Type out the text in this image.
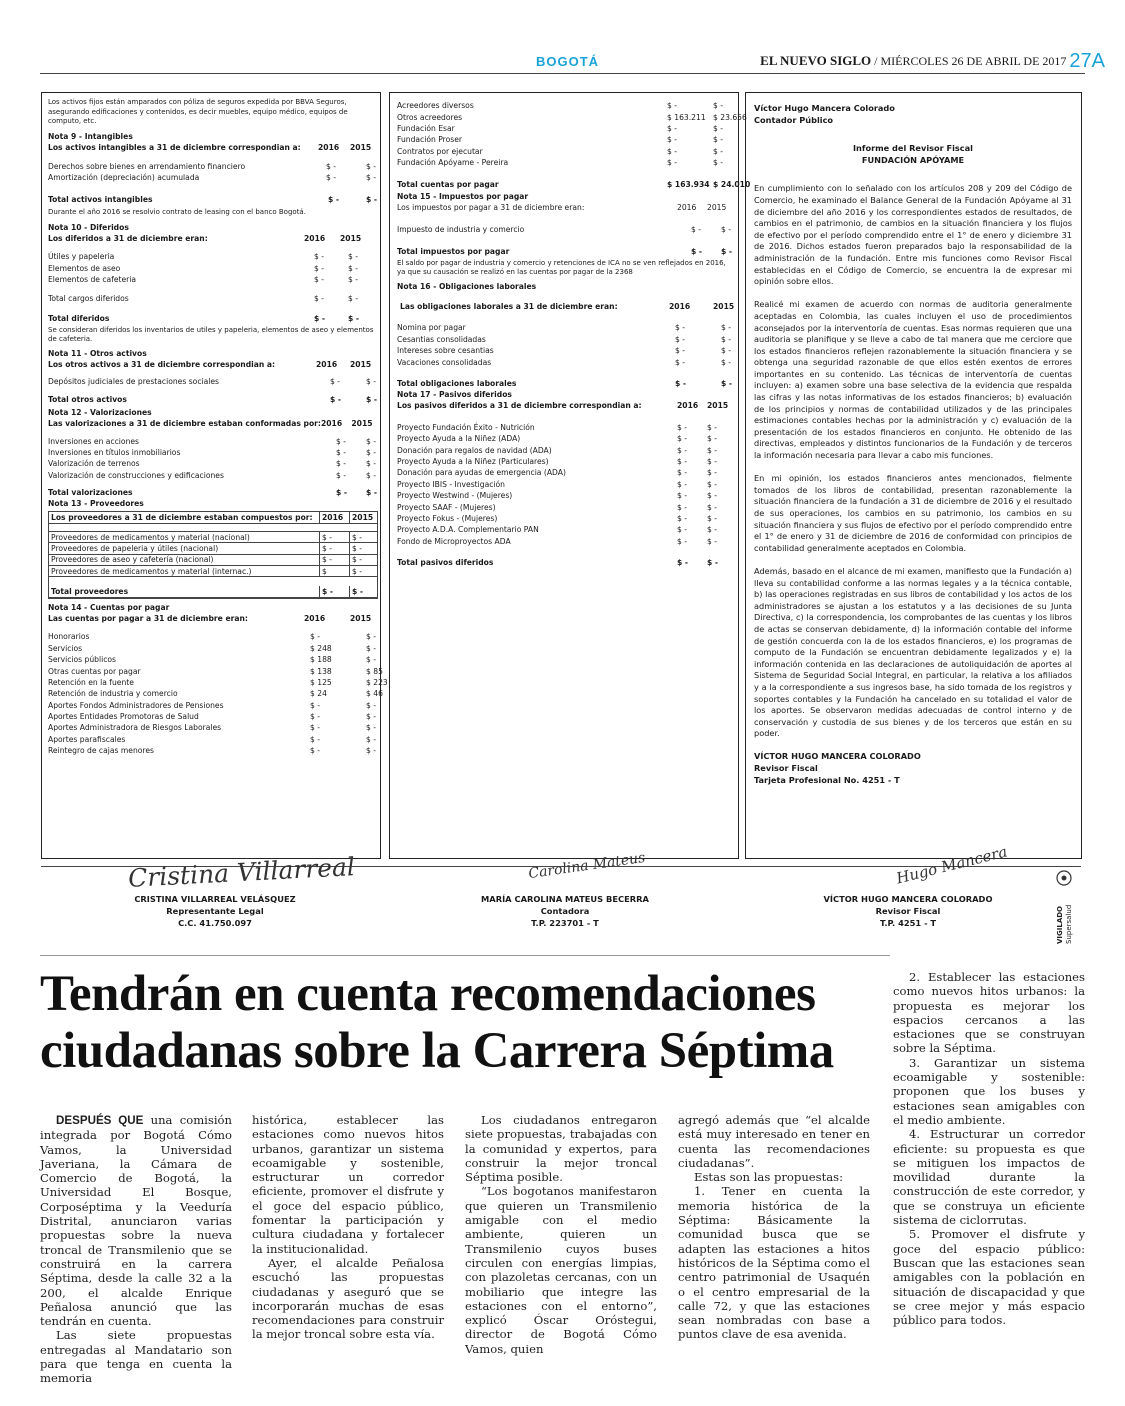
BOGOTÁ	EL NUEVO SIGLO / MIÉRCOLES 26 DE ABRIL DE 2017 27A
Los activos fijos están amparados con póliza de seguros expedida por BBVA Seguros, asegurando edificaciones y contenidos, es decir muebles, equipo médico, equipos de computo, etc.
Nota 9 - Intangibles
Los activos intangibles a 31 de diciembre correspondian a:	2016	2015
Derechos sobre bienes en arrendamiento financiero	$ -	$ -
Amortización (depreciación) acumulada	$ -	$ -
Total activos intangibles	$ -	$ -
Durante el año 2016 se resolvio contrato de leasing con el banco Bogotá.
Nota 10 - Diferidos
Los diferidos a 31 de diciembre eran:	2016	2015
Útiles y papeleria	$ -	$ -
Elementos de aseo	$ -	$ -
Elementos de cafeteria	$ -	$ -
Total cargos diferidos	$ -	$ -
Total diferidos	$ -	$ -
Se consideran diferidos los inventarios de utiles y papeleria, elementos de aseo y elementos de cafeteria.
Nota 11 - Otros activos
Los otros activos a 31 de diciembre correspondian a:	2016	2015
Depósitos judiciales de prestaciones sociales	$ -	$ -
Total otros activos	$ -	$ -
Nota 12 - Valorizaciones
Las valorizaciones a 31 de diciembre estaban conformadas por: 2016	2015
Inversiones en acciones	$ -	$ -
Inversiones en títulos inmobiliarios	$ -	$ -
Valorización de terrenos	$ -	$ -
Valorización de construcciones y edificaciones	$ -	$ -
Total valorizaciones	$ -	$ -
Nota 13 - Proveedores
Los proveedores a 31 de diciembre estaban compuestos por:	2016	2015
Proveedores de medicamentos y material (nacional)	$ -	$ -
Proveedores de papeleria y útiles (nacional)	$ -	$ -
Proveedores de aseo y cafetería (nacional)	$ -	$ -
Proveedores de medicamentos y material (internac.)	$	$ -
Total proveedores	$ -	$ -
Nota 14 - Cuentas por pagar
Las cuentas por pagar a 31 de diciembre eran:	2016	2015
Honorarios	$ -	$ -
Servicios	$ 248	$ -
Servicios públicos	$ 188	$ -
Otras cuentas por pagar	$ 138	$ 85
Retención en la fuente	$ 125	$ 223
Retención de industria y comercio	$ 24	$ 46
Aportes Fondos Administradores de Pensiones	$ -	$ -
Aportes Entidades Promotoras de Salud	$ -	$ -
Aportes Administradora de Riesgos Laborales	$ -	$ -
Aportes parafiscales	$ -	$ -
Reintegro de cajas menores	$ -	$ -
Acreedores diversos	$ -	$ -
Otros acreedores	$ 163.211 $ 23.656
Fundación Esar	$ -	$ -
Fundación Proser	$ -	$ -
Contratos por ejecutar	$ -	$ -
Fundación Apóyame - Pereira	$ -	$ -
Total cuentas por pagar	$ 163.934 $ 24.010
Nota 15 - Impuestos por pagar
Los impuestos por pagar a 31 de diciembre eran:	2016	2015
Impuesto de industria y comercio	$ -	$ -
Total impuestos por pagar	$ -	$ -
El saldo por pagar de industria y comercio y retenciones de ICA no se ven reflejados en 2016, ya que su causación se realizó en las cuentas por pagar de la 2368
Nota 16 - Obligaciones laborales
Las obligaciones laborales a 31 de diciembre eran:	2016	2015
Nomina por pagar	$ -	$ -
Cesantias consolidadas	$ -	$ -
Intereses sobre cesantias	$ -	$ -
Vacaciones consolidadas	$ -	$ -
Total obligaciones laborales	$ -	$ -
Nota 17 - Pasivos diferidos
Los pasivos diferidos a 31 de diciembre correspondian a:	2016	2015
Proyecto Fundación Éxito - Nutrición	$ -	$ -
Proyecto Ayuda a la Niñez (ADA)	$ -	$ -
Donación para regalos de navidad (ADA)	$ -	$ -
Proyecto Ayuda a la Niñez (Particulares)	$ -	$ -
Donación para ayudas de emergencia (ADA)	$ -	$ -
Proyecto IBIS - Investigación	$ -	$ -
Proyecto Westwind - (Mujeres)	$ -	$ -
Proyecto SAAF - (Mujeres)	$ -	$ -
Proyecto Fokus - (Mujeres)	$ -	$ -
Proyecto A.D.A. Complementario PAN	$ -	$ -
Fondo de Microproyectos ADA	$ -	$ -
Total pasivos diferidos	$ -	$ -
Víctor Hugo Mancera Colorado
Contador Público
Informe del Revisor Fiscal
FUNDACIÓN APÓYAME

En cumplimiento con lo señalado con los artículos 208 y 209 del Código de Comercio, he examinado el Balance General de la Fundación Apóyame al 31 de diciembre del año 2016 y los correspondientes estados de resultados, de cambios en el patrimonio, de cambios en la situación financiera y los flujos de efectivo por el período comprendido entre el 1° de enero y diciembre 31 de 2016. Dichos estados fueron preparados bajo la responsabilidad de la administración de la fundación. Entre mis funciones como Revisor Fiscal establecidas en el Código de Comercio, se encuentra la de expresar mi opinión sobre ellos.

Realicé mi examen de acuerdo con normas de auditoria generalmente aceptadas en Colombia, las cuales incluyen el uso de procedimientos aconsejados por la interventoría de cuentas. Esas normas requieren que una auditoria se planifique y se lleve a cabo de tal manera que me cerciore que los estados financieros reflejen razonablemente la situación financiera y se obtenga una seguridad razonable de que ellos estén exentos de errores importantes en su contenido. Las técnicas de interventoría de cuentas incluyen: a) examen sobre una base selectiva de la evidencia que respalda las cifras y las notas informativas de los estados financieros; b) evaluación de los principios y normas de contabilidad utilizados y de las principales estimaciones contables hechas por la administración y c) evaluación de la presentación de los estados financieros en conjunto. He obtenido de las directivas, empleados y distintos funcionarios de la Fundación y de terceros la información necesaria para llevar a cabo mis funciones.

En mi opinión, los estados financieros antes mencionados, fielmente tomados de los libros de contabilidad, presentan razonablemente la situación financiera de la fundación a 31 de diciembre de 2016 y el resultado de sus operaciones, los cambios en su patrimonio, los cambios en su situación financiera y sus flujos de efectivo por el período comprendido entre el 1° de enero y 31 de diciembre de 2016 de conformidad con principios de contabilidad generalmente aceptados en Colombia.

Además, basado en el alcance de mi examen, manifiesto que la Fundación a) lleva su contabilidad conforme a las normas legales y a la técnica contable, b) las operaciones registradas en sus libros de contabilidad y los actos de los administradores se ajustan a los estatutos y a las decisiones de su Junta Directiva, c) la correspondencia, los comprobantes de las cuentas y los libros de actas se conservan debidamente, d) la información contable del informe de gestión concuerda con la de los estados financieros, e) los programas de computo de la Fundación se encuentran debidamente legalizados y e) la información contenida en las declaraciones de autoliquidación de aportes al Sistema de Seguridad Social Integral, en particular, la relativa a los afiliados y a la correspondiente a sus ingresos base, ha sido tomada de los registros y soportes contables y la Fundación ha cancelado en su totalidad el valor de los aportes. Se observaron medidas adecuadas de control interno y de conservación y custodia de sus bienes y de los terceros que están en su poder.

VÍCTOR HUGO MANCERA COLORADO
Revisor Fiscal
Tarjeta Profesional No. 4251 - T
Cristina Villarreal	Carolina Mateus	Hugo Mancera
CRISTINA VILLARREAL VELÁSQUEZ
Representante Legal
C.C. 41.750.097
MARÍA CAROLINA MATEUS BECERRA
Contadora
T.P. 223701 - T
VÍCTOR HUGO MANCERA COLORADO
Revisor Fiscal
T.P. 4251 - T	VIGILADO Supersalud
Tendrán en cuenta recomendaciones
ciudadanas sobre la Carrera Séptima

DESPUÉS QUE una comisión integrada por Bogotá Cómo Vamos, la Universidad Javeriana, la Cámara de Comercio de Bogotá, la Universidad El Bosque, Corposéptima y la Veeduría Distrital, anunciaron varias propuestas sobre la nueva troncal de Transmilenio que se construirá en la carrera Séptima, desde la calle 32 a la 200, el alcalde Enrique Peñalosa anunció que las tendrán en cuenta.

Las siete propuestas entregadas al Mandatario son para que tenga en cuenta la memoria

histórica, establecer las estaciones como nuevos hitos urbanos, garantizar un sistema ecoamigable y sostenible, estructurar un corredor eficiente, promover el disfrute y el goce del espacio público, fomentar la participación y cultura ciudadana y fortalecer la institucionalidad.

Ayer, el alcalde Peñalosa escuchó las propuestas ciudadanas y aseguró que se incorporarán muchas de esas recomendaciones para construir la mejor troncal sobre esta vía.

Los ciudadanos entregaron siete propuestas, trabajadas con la comunidad y expertos, para construir la mejor troncal Séptima posible.

“Los bogotanos manifestaron que quieren un Transmilenio amigable con el medio ambiente, quieren un Transmilenio cuyos buses circulen con energías limpias, con plazoletas cercanas, con un mobiliario que integre las estaciones con el entorno”, explicó Óscar Oróstegui, director de Bogotá Cómo Vamos, quien

agregó además que “el alcalde está muy interesado en tener en cuenta las recomendaciones ciudadanas”.

Estas son las propuestas:

1. Tener en cuenta la memoria histórica de la Séptima: Básicamente la comunidad busca que se adapten las estaciones a hitos históricos de la Séptima como el centro patrimonial de Usaquén o el centro empresarial de la calle 72, y que las estaciones sean nombradas con base a puntos clave de esa avenida.

2. Establecer las estaciones como nuevos hitos urbanos: la propuesta es mejorar los espacios cercanos a las estaciones que se construyan sobre la Séptima.

3. Garantizar un sistema ecoamigable y sostenible: proponen que los buses y estaciones sean amigables con el medio ambiente.

4. Estructurar un corredor eficiente: su propuesta es que se mitiguen los impactos de movilidad durante la construcción de este corredor, y que se construya un eficiente sistema de ciclorrutas.

5. Promover el disfrute y goce del espacio público: Buscan que las estaciones sean amigables con la población en situación de discapacidad y que se cree mejor y más espacio público para todos.
